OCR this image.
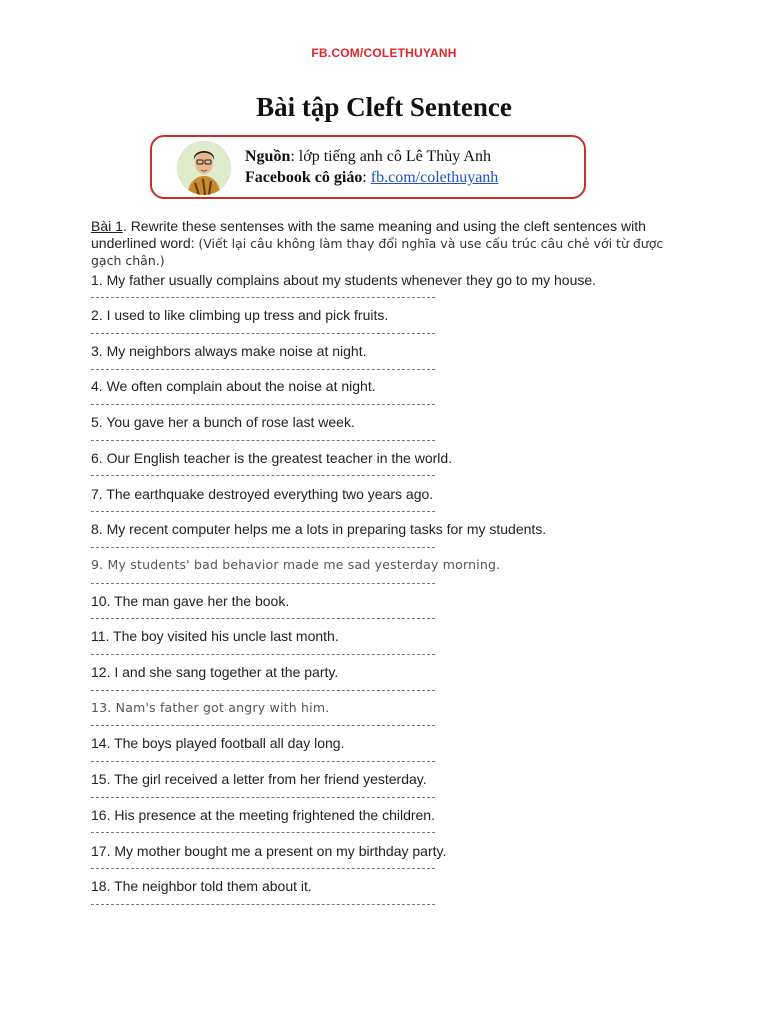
FB.COM/COLETHUYANH
Bài tập Cleft Sentence
Nguồn: lớp tiếng anh cô Lê Thùy Anh
Facebook cô giáo: fb.com/colethuyanh
Bài 1. Rewrite these sentenses with the same meaning and using the cleft sentences with underlined word: (Viết lại câu không làm thay đổi nghĩa và use cấu trúc câu chẻ với từ được gạch chân.)
1. My father usually complains about my students whenever they go to my house.
2. I used to like climbing up tress and pick fruits.
3. My neighbors always make noise at night.
4. We often complain about the noise at night.
5. You gave her a bunch of rose last week.
6. Our English teacher is the greatest teacher in the world.
7. The earthquake destroyed everything two years ago.
8. My recent computer helps me a lots in preparing tasks for my students.
9. My students' bad behavior made me sad yesterday morning.
10. The man gave her the book.
11. The boy visited his uncle last month.
12. I and she sang together at the party.
13. Nam's father got angry with him.
14. The boys played football all day long.
15. The girl received a letter from her friend yesterday.
16. His presence at the meeting frightened the children.
17. My mother bought me a present on my birthday party.
18. The neighbor told them about it.
